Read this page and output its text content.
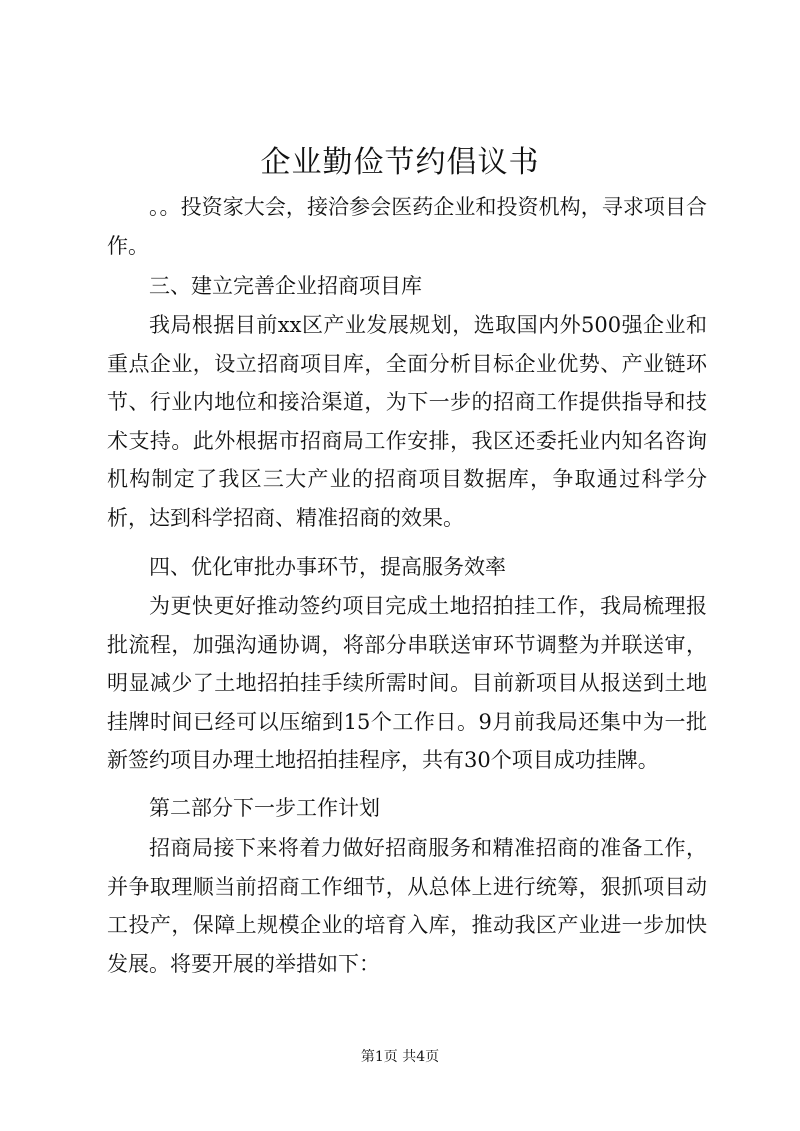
企业勤俭节约倡议书

。。投资家大会，接洽参会医药企业和投资机构，寻求项目合作。

三、建立完善企业招商项目库

我局根据目前xx区产业发展规划，选取国内外500强企业和重点企业，设立招商项目库，全面分析目标企业优势、产业链环节、行业内地位和接洽渠道，为下一步的招商工作提供指导和技术支持。此外根据市招商局工作安排，我区还委托业内知名咨询机构制定了我区三大产业的招商项目数据库，争取通过科学分析，达到科学招商、精准招商的效果。

四、优化审批办事环节，提高服务效率

为更快更好推动签约项目完成土地招拍挂工作，我局梳理报批流程，加强沟通协调，将部分串联送审环节调整为并联送审，明显减少了土地招拍挂手续所需时间。目前新项目从报送到土地挂牌时间已经可以压缩到15个工作日。9月前我局还集中为一批新签约项目办理土地招拍挂程序，共有30个项目成功挂牌。

第二部分下一步工作计划

招商局接下来将着力做好招商服务和精准招商的准备工作，并争取理顺当前招商工作细节，从总体上进行统筹，狠抓项目动工投产，保障上规模企业的培育入库，推动我区产业进一步加快发展。将要开展的举措如下：

第1页 共4页
